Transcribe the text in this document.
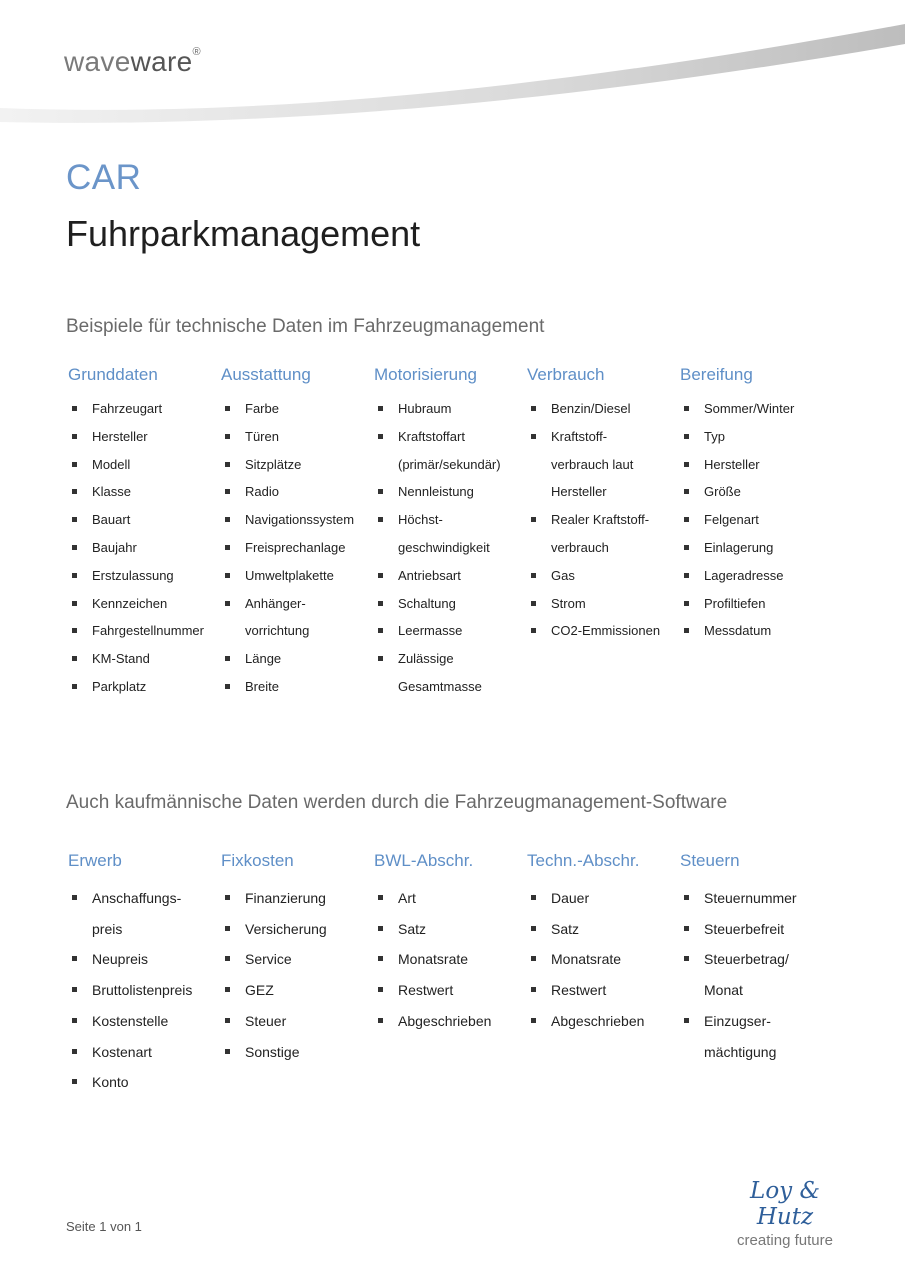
waveware®
CAR
Fuhrparkmanagement
Beispiele für technische Daten im Fahrzeugmanagement
Grunddaten
Fahrzeugart
Hersteller
Modell
Klasse
Bauart
Baujahr
Erstzulassung
Kennzeichen
Fahrgestellnummer
KM-Stand
Parkplatz
Ausstattung
Farbe
Türen
Sitzplätze
Radio
Navigationssystem
Freisprechanlage
Umweltplakette
Anhänger-
vorrichtung
Länge
Breite
Motorisierung
Hubraum
Kraftstoffart
(primär/sekundär)
Nennleistung
Höchst-
geschwindigkeit
Antriebsart
Schaltung
Leermasse
Zulässige
Gesamtmasse
Verbrauch
Benzin/Diesel
Kraftstoff-
verbrauch laut
Hersteller
Realer Kraftstoff-
verbrauch
Gas
Strom
CO2-Emmissionen
Bereifung
Sommer/Winter
Typ
Hersteller
Größe
Felgenart
Einlagerung
Lageradresse
Profiltiefen
Messdatum
Auch kaufmännische Daten werden durch die Fahrzeugmanagement-Software
Erwerb
Anschaffungs-
preis
Neupreis
Bruttolistenpreis
Kostenstelle
Kostenart
Konto
Fixkosten
Finanzierung
Versicherung
Service
GEZ
Steuer
Sonstige
BWL-Abschr.
Art
Satz
Monatsrate
Restwert
Abgeschrieben
Techn.-Abschr.
Dauer
Satz
Monatsrate
Restwert
Abgeschrieben
Steuern
Steuernummer
Steuerbefreit
Steuerbetrag/
Monat
Einzugser-
mächtigung
Seite 1 von 1
Loy & Hutz
creating future
